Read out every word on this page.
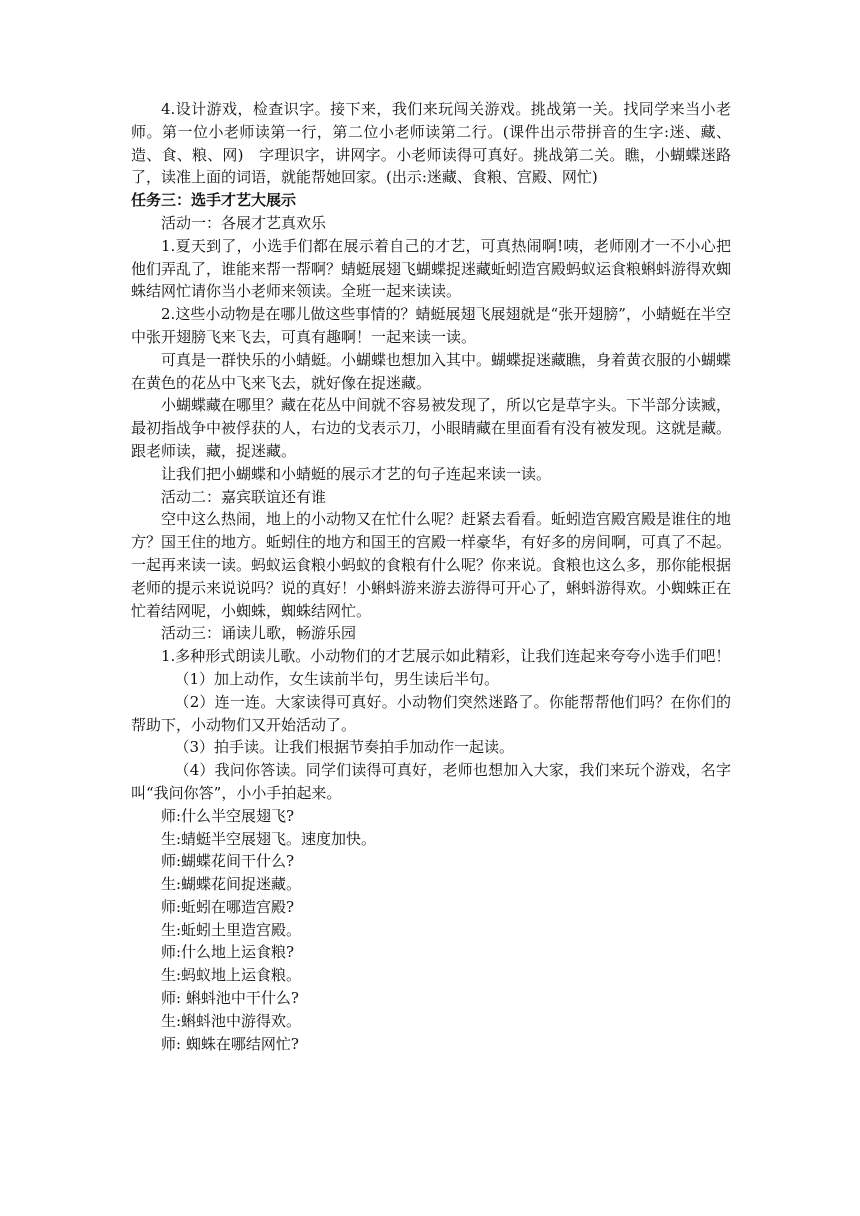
4.设计游戏，检查识字。接下来，我们来玩闯关游戏。挑战第一关。找同学来当小老师。第一位小老师读第一行，第二位小老师读第二行。(课件出示带拼音的生字:迷、藏、造、食、粮、网)　字理识字，讲网字。小老师读得可真好。挑战第二关。瞧，小蝴蝶迷路了，读准上面的词语，就能帮她回家。(出示:迷藏、食粮、宫殿、网忙)

任务三：选手才艺大展示

活动一：各展才艺真欢乐

1.夏天到了，小选手们都在展示着自己的才艺，可真热闹啊!咦，老师刚才一不小心把他们弄乱了，谁能来帮一帮啊？蜻蜓展翅飞蝴蝶捉迷藏蚯蚓造宫殿蚂蚁运食粮蝌蚪游得欢蜘蛛结网忙请你当小老师来领读。全班一起来读读。

2.这些小动物是在哪儿做这些事情的？蜻蜓展翅飞展翅就是“张开翅膀”，小蜻蜓在半空中张开翅膀飞来飞去，可真有趣啊！一起来读一读。

可真是一群快乐的小蜻蜓。小蝴蝶也想加入其中。蝴蝶捉迷藏瞧，身着黄衣服的小蝴蝶在黄色的花丛中飞来飞去，就好像在捉迷藏。

小蝴蝶藏在哪里？藏在花丛中间就不容易被发现了，所以它是草字头。下半部分读臧，最初指战争中被俘获的人，右边的戈表示刀，小眼睛藏在里面看有没有被发现。这就是藏。跟老师读，藏，捉迷藏。

让我们把小蝴蝶和小蜻蜓的展示才艺的句子连起来读一读。

活动二：嘉宾联谊还有谁

空中这么热闹，地上的小动物又在忙什么呢？赶紧去看看。蚯蚓造宫殿宫殿是谁住的地方？国王住的地方。蚯蚓住的地方和国王的宫殿一样豪华，有好多的房间啊，可真了不起。一起再来读一读。蚂蚁运食粮小蚂蚁的食粮有什么呢？你来说。食粮也这么多，那你能根据老师的提示来说说吗？说的真好！小蝌蚪游来游去游得可开心了，蝌蚪游得欢。小蜘蛛正在忙着结网呢，小蜘蛛，蜘蛛结网忙。

活动三：诵读儿歌，畅游乐园

1.多种形式朗读儿歌。小动物们的才艺展示如此精彩，让我们连起来夸夸小选手们吧！

（1）加上动作，女生读前半句，男生读后半句。

（2）连一连。大家读得可真好。小动物们突然迷路了。你能帮帮他们吗？在你们的帮助下，小动物们又开始活动了。

（3）拍手读。让我们根据节奏拍手加动作一起读。

（4）我问你答读。同学们读得可真好，老师也想加入大家，我们来玩个游戏，名字叫“我问你答”，小小手拍起来。

师:什么半空展翅飞?

生:蜻蜓半空展翅飞。速度加快。

师:蝴蝶花间干什么?

生:蝴蝶花间捉迷藏。

师:蚯蚓在哪造宫殿?

生:蚯蚓土里造宫殿。

师:什么地上运食粮?

生:蚂蚁地上运食粮。

师: 蝌蚪池中干什么?

生:蝌蚪池中游得欢。

师: 蜘蛛在哪结网忙?
